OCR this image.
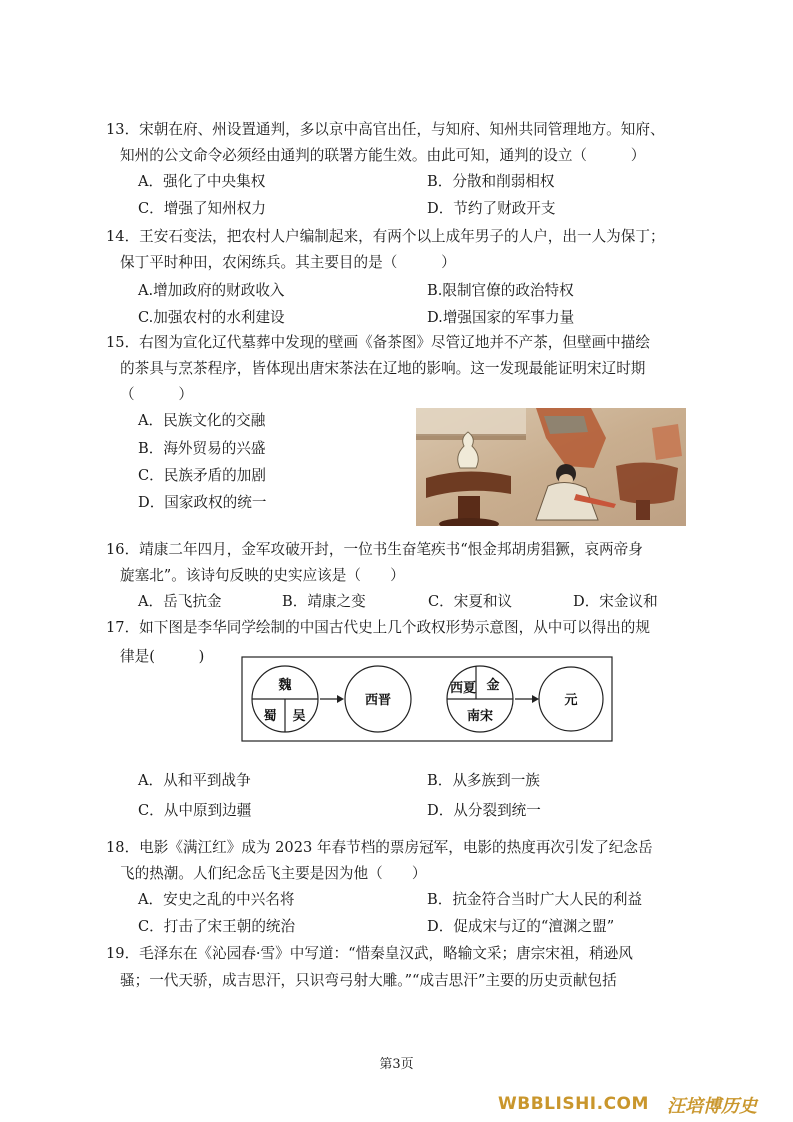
13．宋朝在府、州设置通判，多以京中高官出任，与知府、知州共同管理地方。知府、
知州的公文命令必须经由通判的联署方能生效。由此可知，通判的设立（　　　）
A．强化了中央集权	B．分散和削弱相权
C．增强了知州权力	D．节约了财政开支
14．王安石变法，把农村人户编制起来，有两个以上成年男子的人户，出一人为保丁；
保丁平时种田，农闲练兵。其主要目的是（　　　）
A.增加政府的财政收入	B.限制官僚的政治特权
C.加强农村的水利建设	D.增强国家的军事力量
15．右图为宣化辽代墓葬中发现的壁画《备茶图》尽管辽地并不产茶，但壁画中描绘
的茶具与烹茶程序，皆体现出唐宋茶法在辽地的影响。这一发现最能证明宋辽时期
（　　　）
A．民族文化的交融
B．海外贸易的兴盛
C．民族矛盾的加剧
D．国家政权的统一
16．靖康二年四月，金军攻破开封，一位书生奋笔疾书“恨金邦胡虏猖獗，哀两帝身
旋塞北”。该诗句反映的史实应该是（　　）
A．岳飞抗金	B．靖康之变	C．宋夏和议	D．宋金议和
17．如下图是李华同学绘制的中国古代史上几个政权形势示意图，从中可以得出的规
律是(　　　)
魏
蜀 吴
西晋
西夏 金
南宋
元
A．从和平到战争	B．从多族到一族
C．从中原到边疆	D．从分裂到统一
18．电影《满江红》成为 2023 年春节档的票房冠军，电影的热度再次引发了纪念岳
飞的热潮。人们纪念岳飞主要是因为他（　　）
A．安史之乱的中兴名将	B．抗金符合当时广大人民的利益
C．打击了宋王朝的统治	D．促成宋与辽的“澶渊之盟”
19．毛泽东在《沁园春·雪》中写道：“惜秦皇汉武，略输文采；唐宗宋祖，稍逊风
骚；一代天骄，成吉思汗，只识弯弓射大雕。”“成吉思汗”主要的历史贡献包括
第3页
WBBLISHI.COM 汪培博历史
